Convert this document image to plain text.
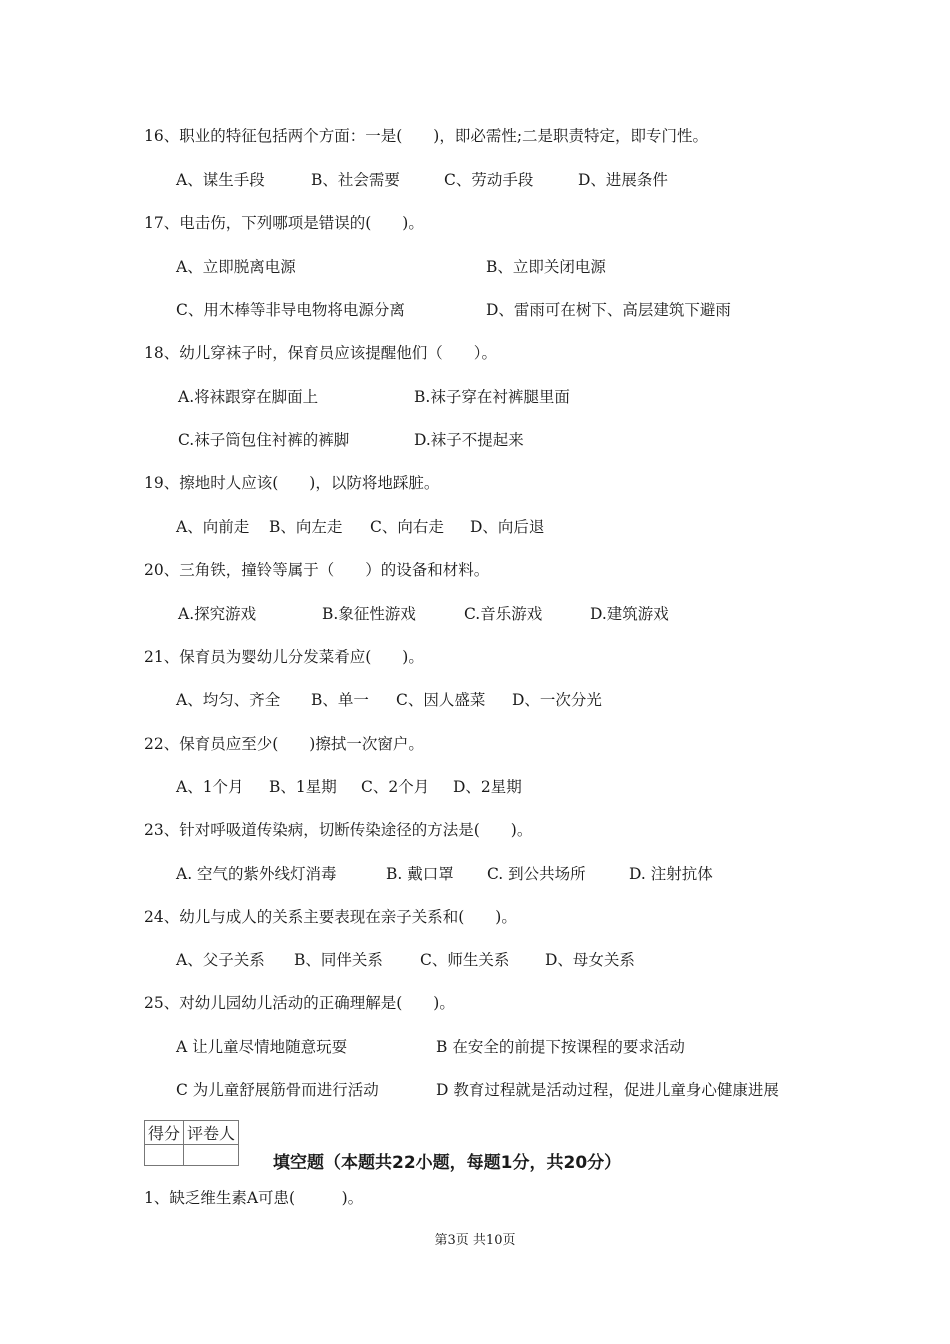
16、职业的特征包括两个方面：一是(　　)，即必需性;二是职责特定，即专门性。
A、谋生手段	B、社会需要	C、劳动手段	D、进展条件
17、电击伤，下列哪项是错误的(　　)。
A、立即脱离电源	B、立即关闭电源
C、用木棒等非导电物将电源分离	D、雷雨可在树下、高层建筑下避雨
18、幼儿穿袜子时，保育员应该提醒他们（　　）。
A.将袜跟穿在脚面上	B.袜子穿在衬裤腿里面
C.袜子筒包住衬裤的裤脚	D.袜子不提起来
19、擦地时人应该(　　)，以防将地踩脏。
A、向前走 B、向左走 C、向右走 D、向后退
20、三角铁，撞铃等属于（　　）的设备和材料。
A.探究游戏	B.象征性游戏	C.音乐游戏	D.建筑游戏
21、保育员为婴幼儿分发菜肴应(　　)。
A、均匀、齐全 B、单一 C、因人盛菜 D、一次分光
22、保育员应至少(　　)擦拭一次窗户。
A、1个月 B、1星期 C、2个月 D、2星期
23、针对呼吸道传染病，切断传染途径的方法是(　　)。
A. 空气的紫外线灯消毒	B. 戴口罩 C. 到公共场所	D. 注射抗体
24、幼儿与成人的关系主要表现在亲子关系和(　　)。
A、父子关系 B、同伴关系 C、师生关系 D、母女关系
25、对幼儿园幼儿活动的正确理解是(　　)。
A 让儿童尽情地随意玩耍	B 在安全的前提下按课程的要求活动
C 为儿童舒展筋骨而进行活动	D 教育过程就是活动过程，促进儿童身心健康进展
得分	评卷人

填空题（本题共22小题，每题1分，共20分）
1、缺乏维生素A可患(　　　)。
第3页 共10页
